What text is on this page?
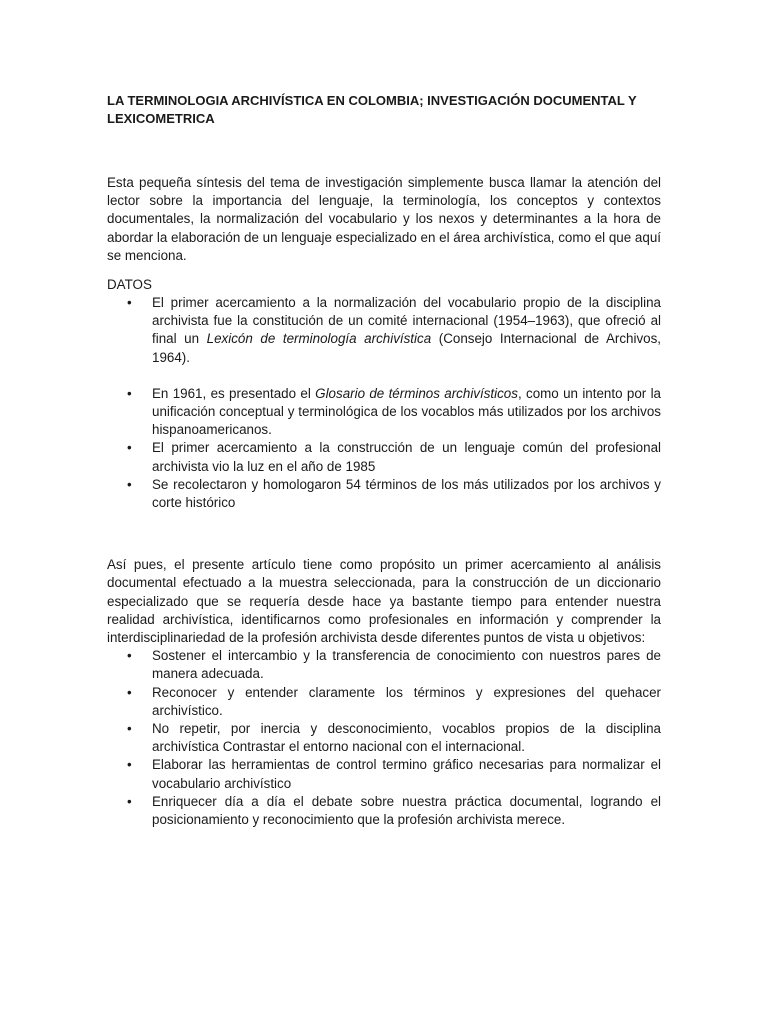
LA TERMINOLOGIA ARCHIVÍSTICA EN COLOMBIA; INVESTIGACIÓN DOCUMENTAL Y LEXICOMETRICA

Esta pequeña síntesis del tema de investigación simplemente busca llamar la atención del lector sobre la importancia del lenguaje, la terminología, los conceptos y contextos documentales, la normalización del vocabulario y los nexos y determinantes a la hora de abordar la elaboración de un lenguaje especializado en el área archivística, como el que aquí se menciona.

DATOS
• El primer acercamiento a la normalización del vocabulario propio de la disciplina archivista fue la constitución de un comité internacional (1954–1963), que ofreció al final un Lexicón de terminología archivística (Consejo Internacional de Archivos, 1964).
• En 1961, es presentado el Glosario de términos archivísticos, como un intento por la unificación conceptual y terminológica de los vocablos más utilizados por los archivos hispanoamericanos.
• El primer acercamiento a la construcción de un lenguaje común del profesional archivista vio la luz en el año de 1985
• Se recolectaron y homologaron 54 términos de los más utilizados por los archivos y corte histórico

Así pues, el presente artículo tiene como propósito un primer acercamiento al análisis documental efectuado a la muestra seleccionada, para la construcción de un diccionario especializado que se requería desde hace ya bastante tiempo para entender nuestra realidad archivística, identificarnos como profesionales en información y comprender la interdisciplinariedad de la profesión archivista desde diferentes puntos de vista u objetivos:

• Sostener el intercambio y la transferencia de conocimiento con nuestros pares de manera adecuada.
• Reconocer y entender claramente los términos y expresiones del quehacer archivístico.
• No repetir, por inercia y desconocimiento, vocablos propios de la disciplina archivística Contrastar el entorno nacional con el internacional.
• Elaborar las herramientas de control termino gráfico necesarias para normalizar el vocabulario archivístico
• Enriquecer día a día el debate sobre nuestra práctica documental, logrando el posicionamiento y reconocimiento que la profesión archivista merece.
